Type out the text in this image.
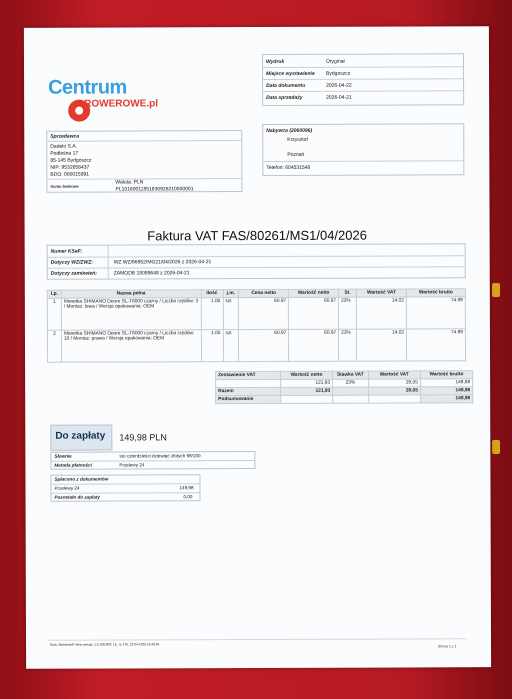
Centrum
ROWEROWE.pl
Wydruk	Oryginał
Miejsce wystawienia Bydgoszcz
Data dokumentu	2026-04-22
Data sprzedaży	2026-04-21
Sprzedawca
Dadelo S.A.
Podleśna 17
85-145 Bydgoszcz
NIP: 9532658437
BDO: 000015991
Konto bankowe
Waluta: PLN
PL10160011851830926210000001
Nabywca (2060096)
Krzysztof
Poznań
Telefon: 604531546
Faktura VAT FAS/80261/MS1/04/2026
Numer KSeF:
Dotyczy WZ/ZWZ:	WZ WZ/66952/MG21/04/2026 z 2026-04-21
Dotyczy zamówień:	ZAMODB 18089648 z 2026-04-21
Lp.	Nazwa pełna	Ilość	j.m.	Cena netto	Wartość netto	St.	Wartość VAT	Wartość brutto
1	Manetka SHIMANO Deore SL-T6000 czarny / Liczba rzędów: 3 / Montaż: lewa / Wersja opakowania: OEM	1.00	szt	60.97	60.97	23%	14.02	74.99
2	Manetka SHIMANO Deore SL-T6000 czarny / Liczba rzędów: 10 / Montaż: prawa / Wersja opakowania: OEM	1.00	szt	60.97	60.97	23%	14.02	74.99
Zestawienie VAT	Wartość netto	Stawka VAT	Wartość VAT	Wartość brutto
	121,93	23%	28,05	149,98
Razem	121,93		28,05	149,98
Podsumowanie				149,98
Do zapłaty 149,98 PLN
Słownie	sto czterdzieści dziewięć złotych 98/100
Metoda płatności	Przelewy 24
Spłacono z dokumentów
Przelewy 24	149,98
Pozostało do zapłaty	0,00
Druk: Streamsoft Verto wersja: 1.0.198.3RT; Lic. nr 170, 22-04-2026 19:43:54	Strona 1 z 1
